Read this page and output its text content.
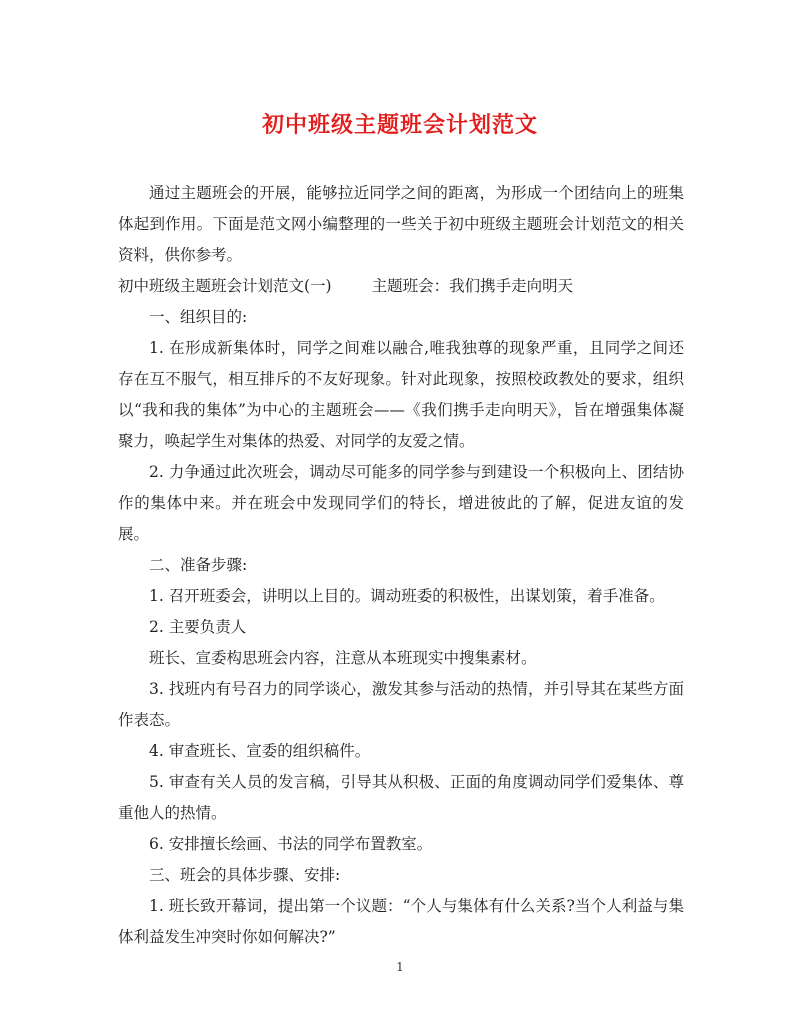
初中班级主题班会计划范文

通过主题班会的开展，能够拉近同学之间的距离，为形成一个团结向上的班集体起到作用。下面是范文网小编整理的一些关于初中班级主题班会计划范文的相关资料，供你参考。

初中班级主题班会计划范文(一)	主题班会：我们携手走向明天

一、组织目的:

1. 在形成新集体时，同学之间难以融合,唯我独尊的现象严重，且同学之间还存在互不服气，相互排斥的不友好现象。针对此现象，按照校政教处的要求，组织以“我和我的集体”为中心的主题班会——《我们携手走向明天》，旨在增强集体凝聚力，唤起学生对集体的热爱、对同学的友爱之情。

2. 力争通过此次班会，调动尽可能多的同学参与到建设一个积极向上、团结协作的集体中来。并在班会中发现同学们的特长，增进彼此的了解，促进友谊的发展。

二、准备步骤:

1. 召开班委会，讲明以上目的。调动班委的积极性，出谋划策，着手准备。

2. 主要负责人

班长、宣委构思班会内容，注意从本班现实中搜集素材。

3. 找班内有号召力的同学谈心，激发其参与活动的热情，并引导其在某些方面作表态。

4. 审查班长、宣委的组织稿件。

5. 审查有关人员的发言稿，引导其从积极、正面的角度调动同学们爱集体、尊重他人的热情。

6. 安排擅长绘画、书法的同学布置教室。

三、班会的具体步骤、安排:

1. 班长致开幕词，提出第一个议题：“个人与集体有什么关系?当个人利益与集体利益发生冲突时你如何解决?”

1
